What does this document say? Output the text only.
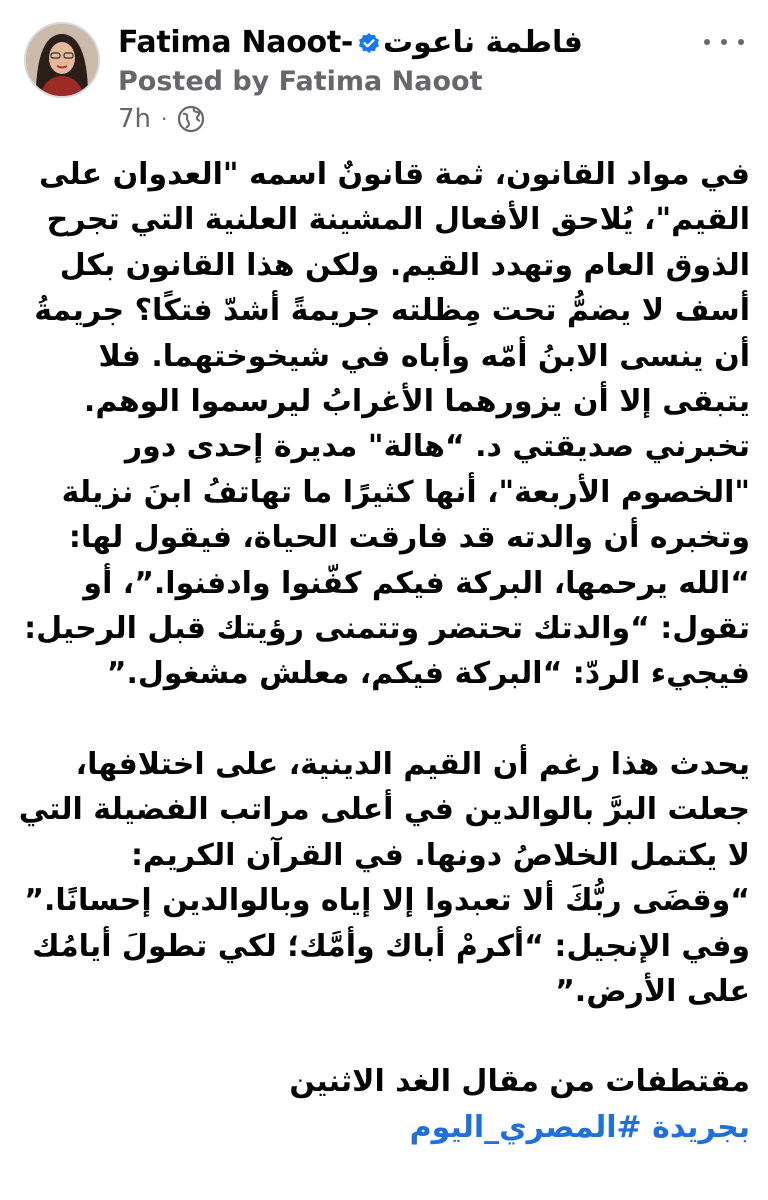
Fatima Naoot- فاطمة ناعوت
Posted by Fatima Naoot
7h ·

في مواد القانون، ثمة قانونٌ اسمه "العدوان على القيم"، يُلاحق الأفعال المشينة العلنية التي تجرح الذوق العام وتهدد القيم. ولكن هذا القانون بكل أسف لا يضمُّ تحت مِظلته جريمةً أشدّ فتكًا؟ جريمةُ أن ينسى الابنُ أمّه وأباه في شيخوختهما. فلا يتبقى إلا أن يزورهما الأغرابُ ليرسموا الوهم. تخبرني صديقتي د. “هالة" مديرة إحدى دور "الخصوم الأربعة"، أنها كثيرًا ما تهاتفُ ابنَ نزيلة وتخبره أن والدته قد فارقت الحياة، فيقول لها: “الله يرحمها، البركة فيكم كفّنوا وادفنوا.”، أو تقول: “والدتك تحتضر وتتمنى رؤيتك قبل الرحيل: فيجيء الردّ: “البركة فيكم، معلش مشغول.”

يحدث هذا رغم أن القيم الدينية، على اختلافها، جعلت البرَّ بالوالدين في أعلى مراتب الفضيلة التي لا يكتمل الخلاصُ دونها. في القرآن الكريم: “وقضَى ربُّكَ ألا تعبدوا إلا إياه وبالوالدين إحسانًا.” وفي الإنجيل: “أكرمْ أباك وأمَّك؛ لكي تطولَ أيامُك على الأرض.”

مقتطفات من مقال الغد الاثنين

بجريدة #المصري_اليوم
